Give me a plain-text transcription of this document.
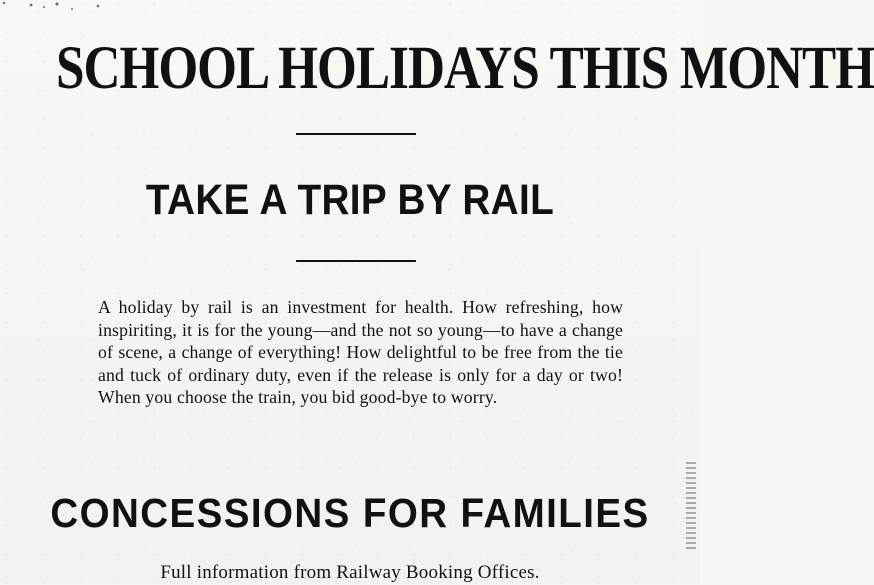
SCHOOL HOLIDAYS THIS MONTH
TAKE A TRIP BY RAIL

A holiday by rail is an investment for health. How refreshing, how inspiriting, it is for the young—and the not so young—to have a change of scene, a change of everything! How delightful to be free from the tie and tuck of ordinary duty, even if the release is only for a day or two! When you choose the train, you bid good-bye to worry.

CONCESSIONS FOR FAMILIES

Full information from Railway Booking Offices.
